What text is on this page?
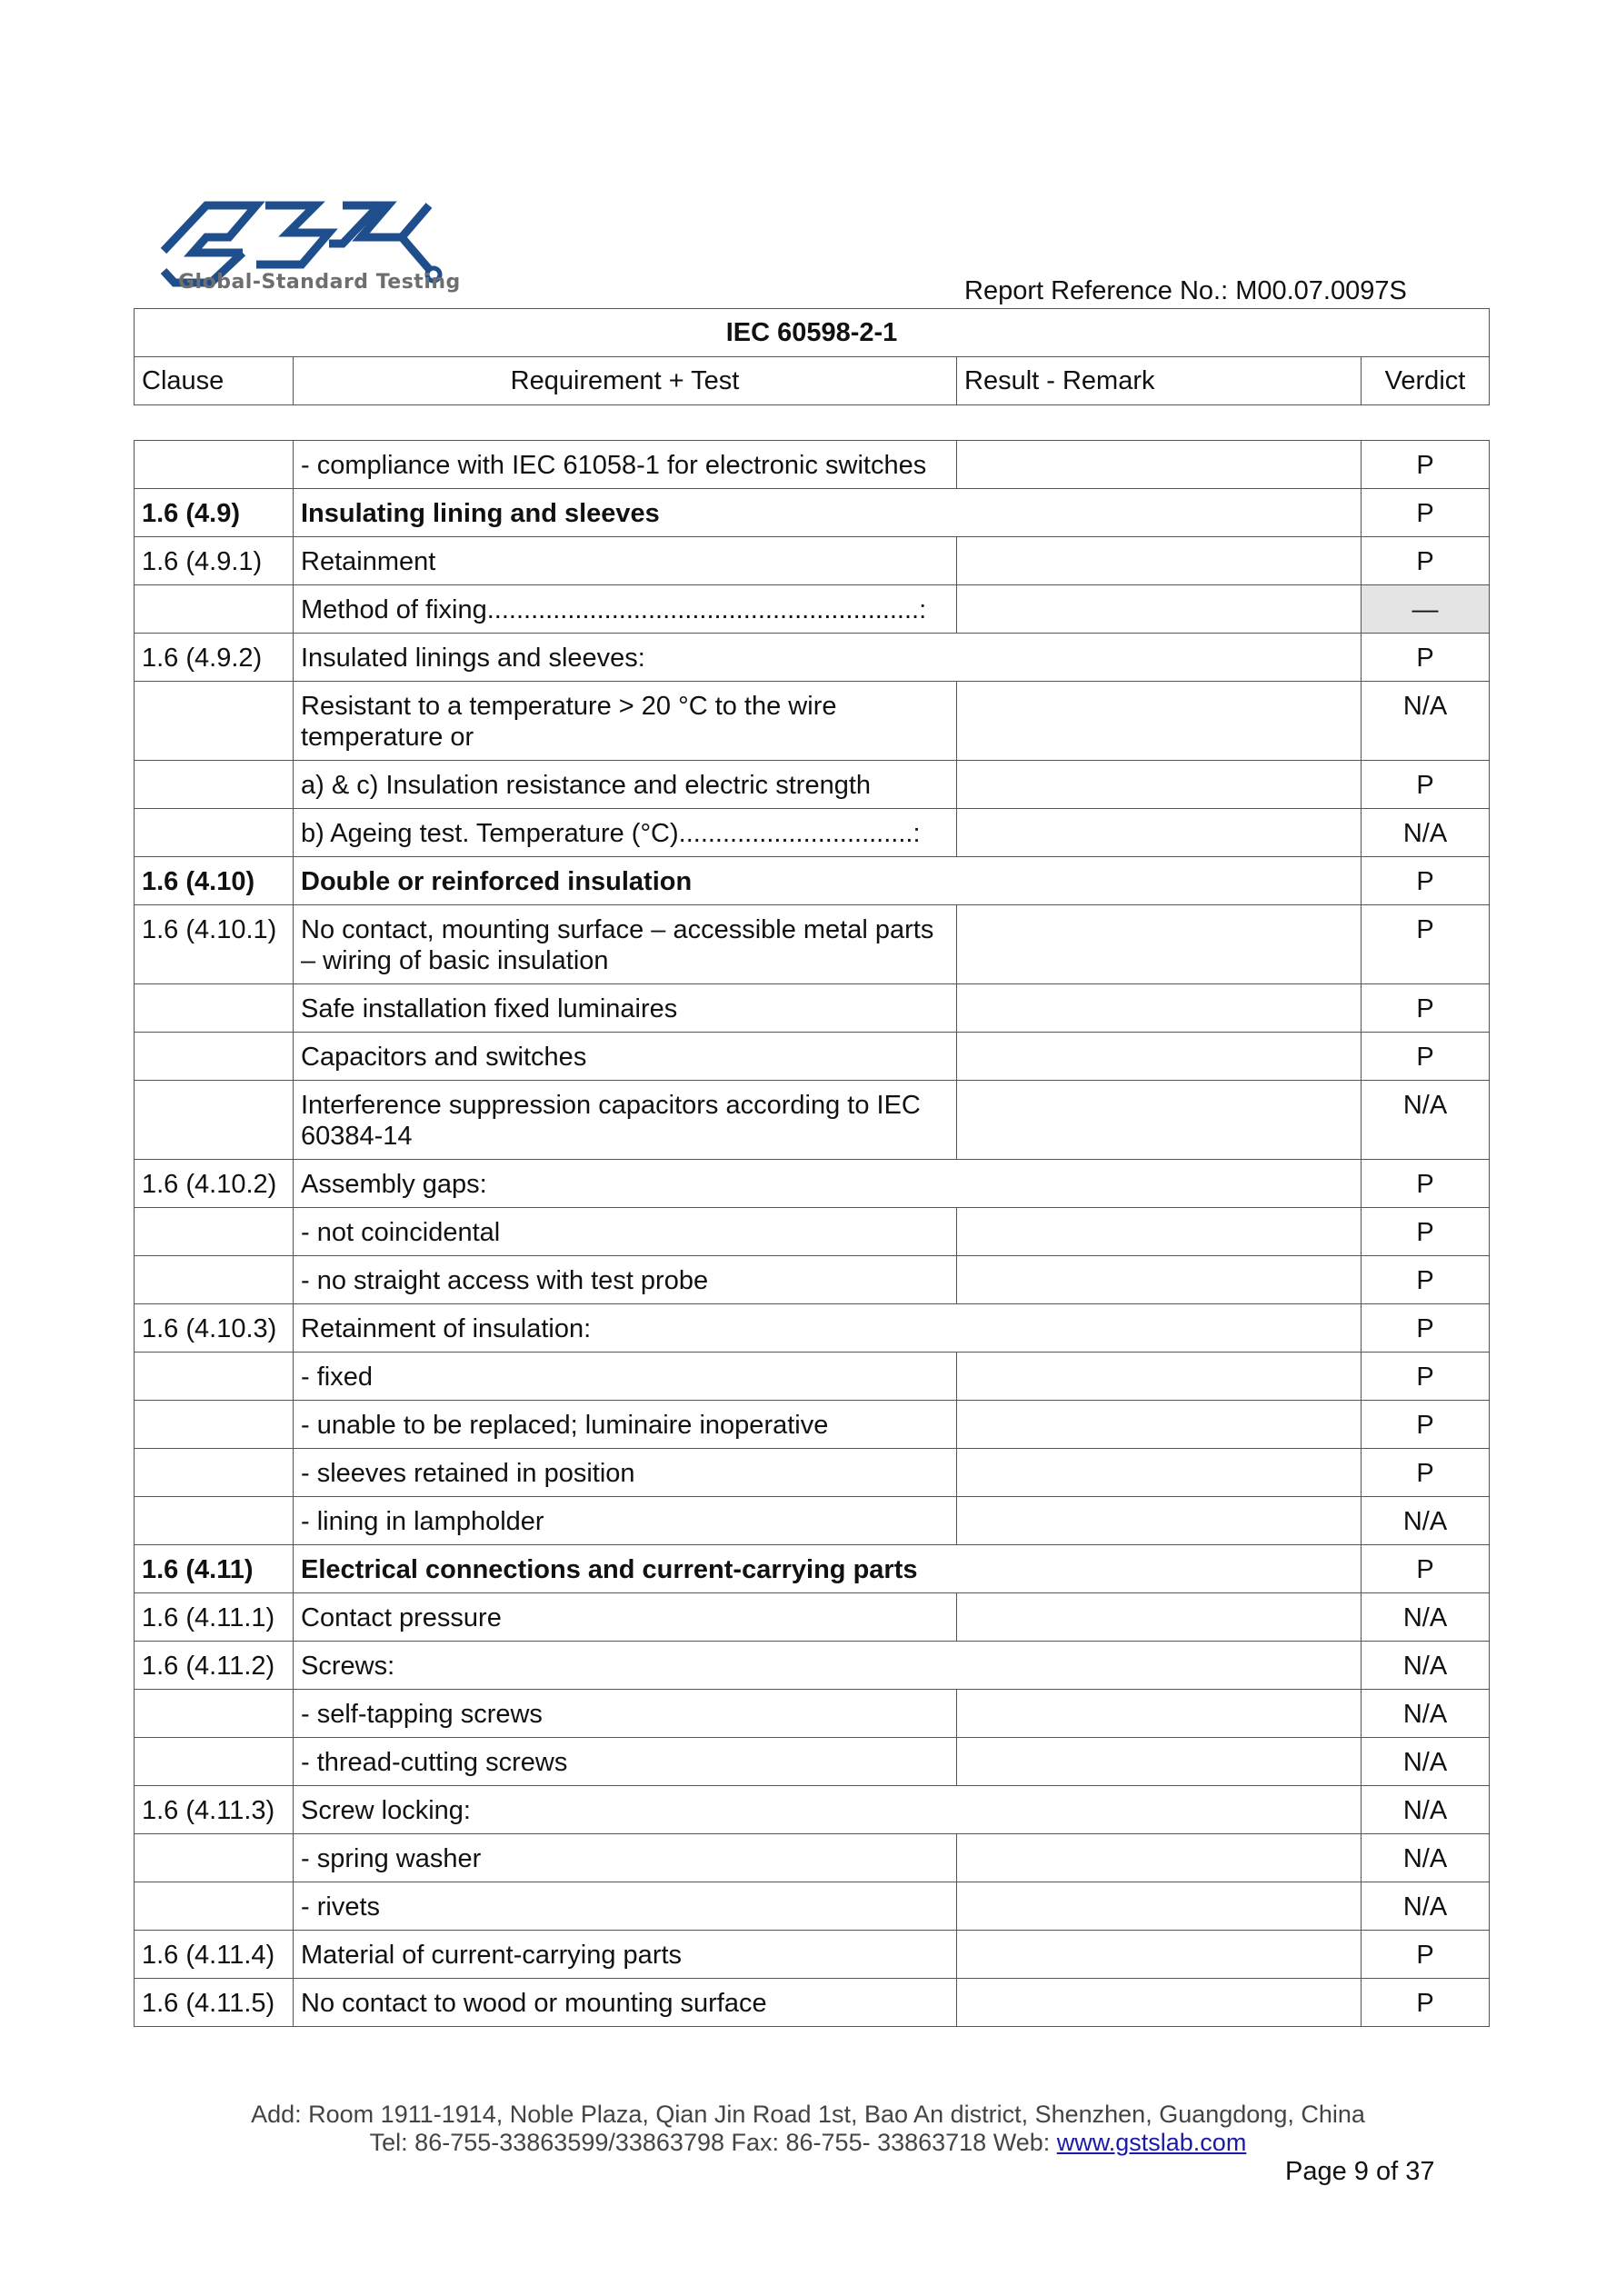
Global-Standard Testing	Report Reference No.: M00.07.0097S
IEC 60598-2-1
Clause	Requirement + Test	Result - Remark	Verdict
	- compliance with IEC 61058-1 for electronic switches		P
1.6 (4.9)	Insulating lining and sleeves		P
1.6 (4.9.1)	Retainment		P
	Method of fixing...........................................................:		—
1.6 (4.9.2)	Insulated linings and sleeves:		P
	Resistant to a temperature > 20 °C to the wire temperature or		N/A
	a) & c) Insulation resistance and electric strength		P
	b) Ageing test. Temperature (°C)................................:		N/A
1.6 (4.10)	Double or reinforced insulation		P
1.6 (4.10.1)	No contact, mounting surface – accessible metal parts – wiring of basic insulation		P
	Safe installation fixed luminaires		P
	Capacitors and switches		P
	Interference suppression capacitors according to IEC 60384-14		N/A
1.6 (4.10.2)	Assembly gaps:		P
	- not coincidental		P
	- no straight access with test probe		P
1.6 (4.10.3)	Retainment of insulation:		P
	- fixed		P
	- unable to be replaced; luminaire inoperative		P
	- sleeves retained in position		P
	- lining in lampholder		N/A
1.6 (4.11)	Electrical connections and current-carrying parts		P
1.6 (4.11.1)	Contact pressure		N/A
1.6 (4.11.2)	Screws:		N/A
	- self-tapping screws		N/A
	- thread-cutting screws		N/A
1.6 (4.11.3)	Screw locking:		N/A
	- spring washer		N/A
	- rivets		N/A
1.6 (4.11.4)	Material of current-carrying parts		P
1.6 (4.11.5)	No contact to wood or mounting surface		P
Add: Room 1911-1914, Noble Plaza, Qian Jin Road 1st, Bao An district, Shenzhen, Guangdong, China
Tel: 86-755-33863599/33863798 Fax: 86-755- 33863718 Web: www.gstslab.com
Page 9 of 37
